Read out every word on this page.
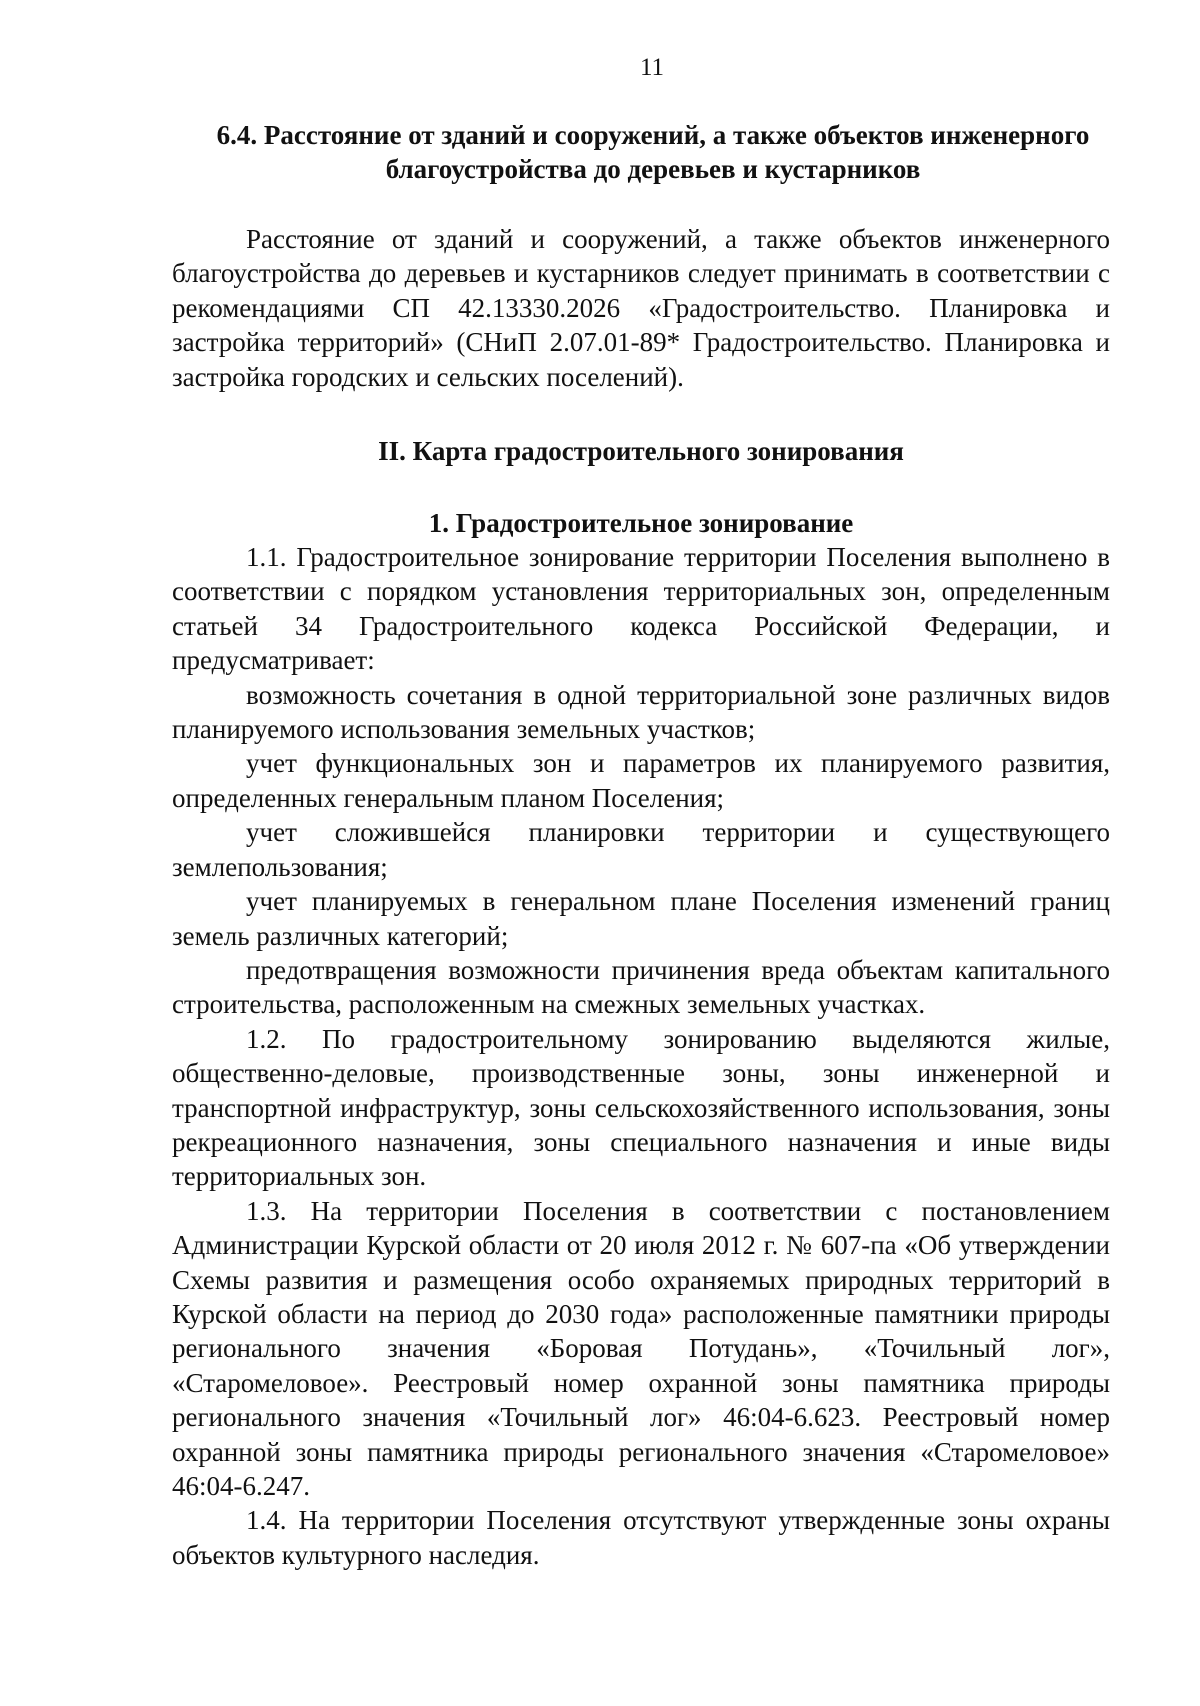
11
6.4. Расстояние от зданий и сооружений, а также объектов инженерного благоустройства до деревьев и кустарников

Расстояние от зданий и сооружений, а также объектов инженерного благоустройства до деревьев и кустарников следует принимать в соответствии с рекомендациями СП 42.13330.2026 «Градостроительство. Планировка и застройка территорий» (СНиП 2.07.01-89* Градостроительство. Планировка и застройка городских и сельских поселений).

II. Карта градостроительного зонирования
1. Градостроительное зонирование

1.1. Градостроительное зонирование территории Поселения выполнено в соответствии с порядком установления территориальных зон, определенным статьей 34 Градостроительного кодекса Российской Федерации, и предусматривает:

возможность сочетания в одной территориальной зоне различных видов планируемого использования земельных участков;

учет функциональных зон и параметров их планируемого развития, определенных генеральным планом Поселения;

учет сложившейся планировки территории и существующего землепользования;

учет планируемых в генеральном плане Поселения изменений границ земель различных категорий;

предотвращения возможности причинения вреда объектам капитального строительства, расположенным на смежных земельных участках.

1.2. По градостроительному зонированию выделяются жилые, общественно-деловые, производственные зоны, зоны инженерной и транспортной инфраструктур, зоны сельскохозяйственного использования, зоны рекреационного назначения, зоны специального назначения и иные виды территориальных зон.

1.3. На территории Поселения в соответствии с постановлением Администрации Курской области от 20 июля 2012 г. № 607-па «Об утверждении Схемы развития и размещения особо охраняемых природных территорий в Курской области на период до 2030 года» расположенные памятники природы регионального значения «Боровая Потудань», «Точильный лог», «Старомеловое». Реестровый номер охранной зоны памятника природы регионального значения «Точильный лог» 46:04-6.623. Реестровый номер охранной зоны памятника природы регионального значения «Старомеловое» 46:04-6.247.

1.4. На территории Поселения отсутствуют утвержденные зоны охраны объектов культурного наследия.
